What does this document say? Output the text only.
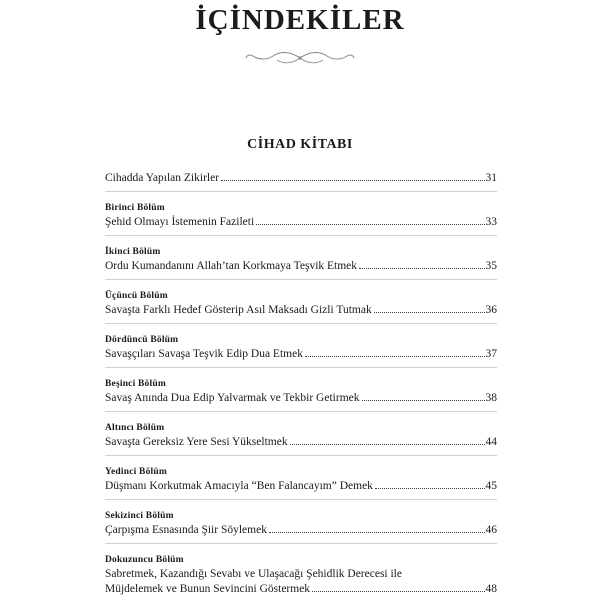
İÇİNDEKİLER
CİHAD KİTABI
Cihadda Yapılan Zikirler	31
Birinci Bölüm
Şehid Olmayı İstemenin Fazileti	33
İkinci Bölüm
Ordu Kumandanını Allah’tan Korkmaya Teşvik Etmek	35
Üçüncü Bölüm
Savaşta Farklı Hedef Gösterip Asıl Maksadı Gizli Tutmak	36
Dördüncü Bölüm
Savaşçıları Savaşa Teşvik Edip Dua Etmek	37
Beşinci Bölüm
Savaş Anında Dua Edip Yalvarmak ve Tekbir Getirmek	38
Altıncı Bölüm
Savaşta Gereksiz Yere Sesi Yükseltmek	44
Yedinci Bölüm
Düşmanı Korkutmak Amacıyla “Ben Falancayım” Demek	45
Sekizinci Bölüm
Çarpışma Esnasında Şiir Söylemek	46
Dokuzuncu Bölüm
Sabretmek, Kazandığı Sevabı ve Ulaşacağı Şehidlik Derecesi ile
Müjdelemek ve Bunun Sevincini Göstermek	48
